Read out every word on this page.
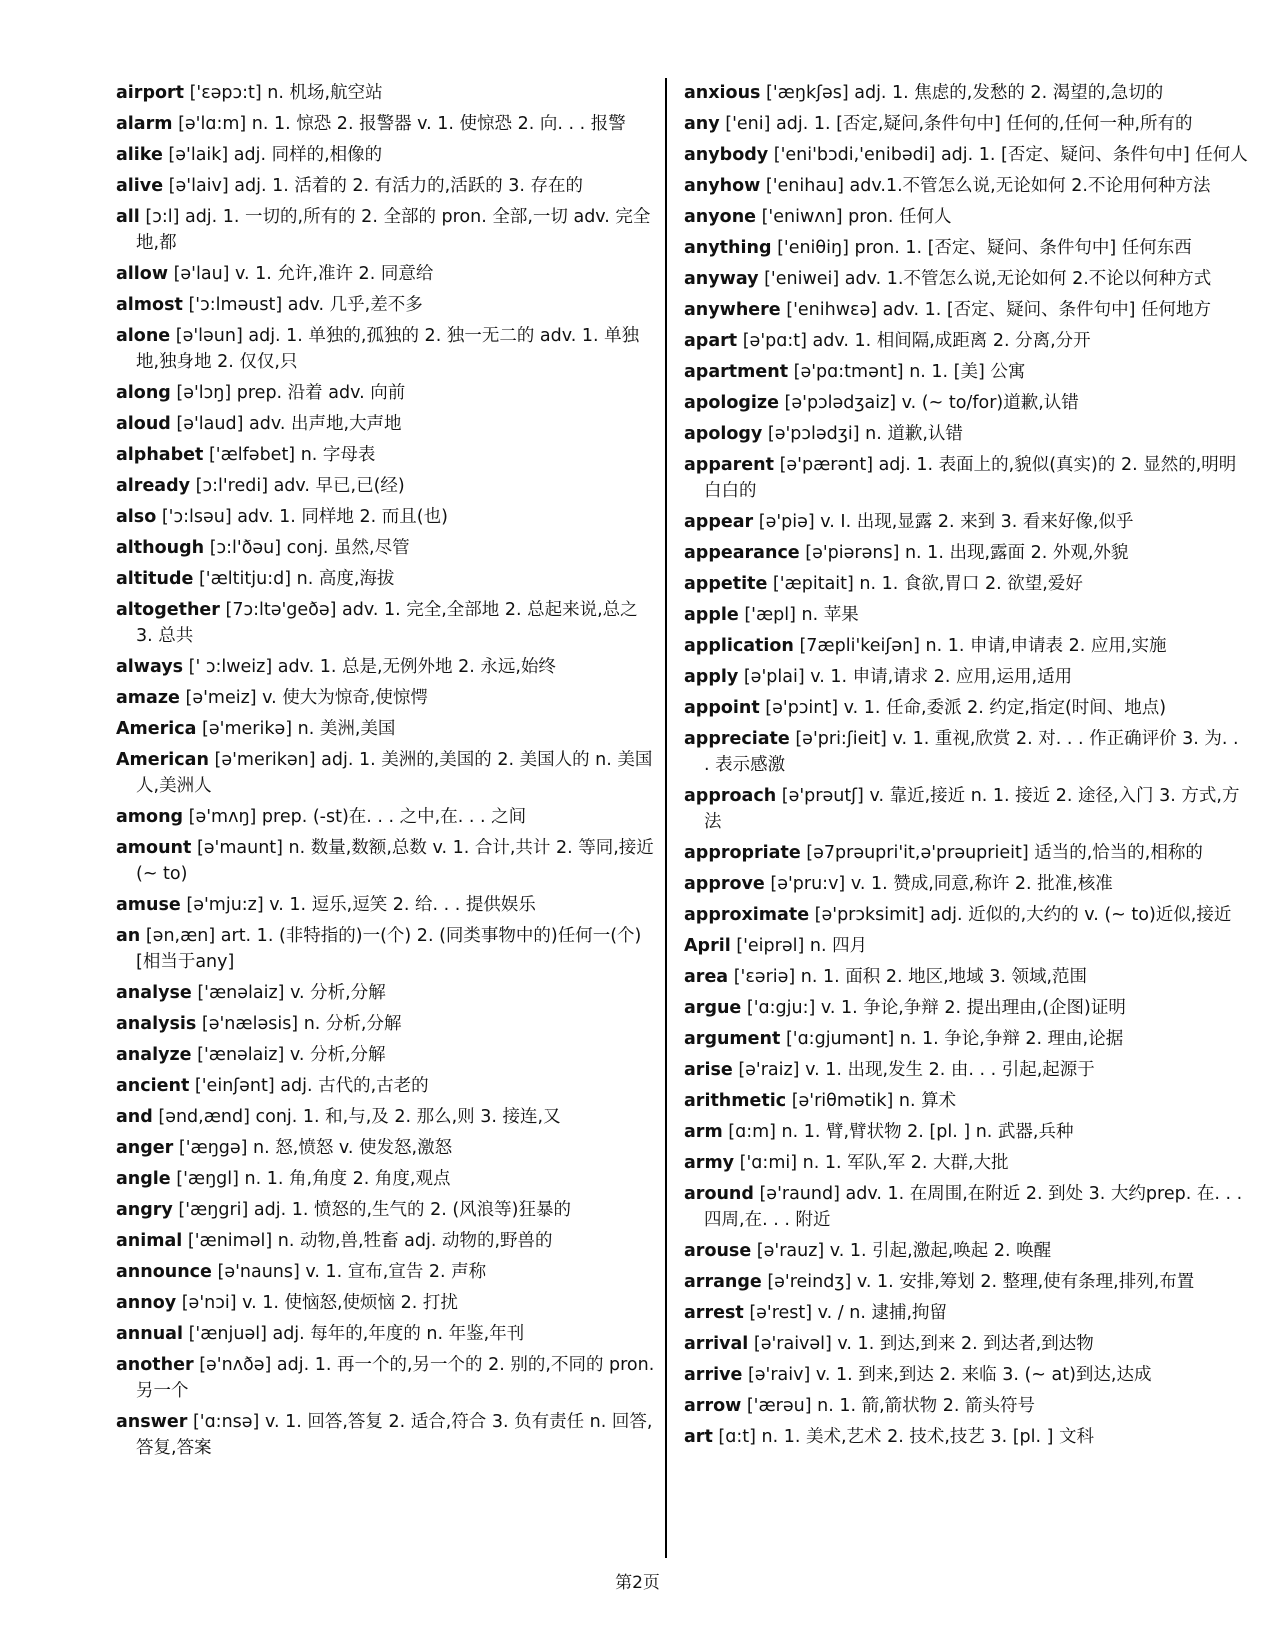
airport ['εəpɔ:t] n. 机场,航空站
alarm [ə'lɑ:m] n. 1. 惊恐 2. 报警器 v. 1. 使惊恐 2. 向. . . 报警
alike [ə'laik] adj. 同样的,相像的
alive [ə'laiv] adj. 1. 活着的 2. 有活力的,活跃的 3. 存在的
all [ɔ:l] adj. 1. 一切的,所有的 2. 全部的 pron. 全部,一切 adv. 完全地,都
allow [ə'lau] v. 1. 允许,准许 2. 同意给
almost ['ɔ:lməust] adv. 几乎,差不多
alone [ə'ləun] adj. 1. 单独的,孤独的 2. 独一无二的 adv. 1. 单独地,独身地 2. 仅仅,只
along [ə'lɔŋ] prep. 沿着 adv. 向前
aloud [ə'laud] adv. 出声地,大声地
alphabet ['ælfəbet] n. 字母表
already [ɔ:l'redi] adv. 早已,已(经)
also ['ɔ:lsəu] adv. 1. 同样地 2. 而且(也)
although [ɔ:l'ðəu] conj. 虽然,尽管
altitude ['æltitju:d] n. 高度,海拔
altogether [7ɔ:ltə'geðə] adv. 1. 完全,全部地 2. 总起来说,总之 3. 总共
always [' ɔ:lweiz] adv. 1. 总是,无例外地 2. 永远,始终
amaze [ə'meiz] v. 使大为惊奇,使惊愕
America [ə'merikə] n. 美洲,美国
American [ə'merikən] adj. 1. 美洲的,美国的 2. 美国人的 n. 美国人,美洲人
among [ə'mʌŋ] prep. (-st)在. . . 之中,在. . . 之间
amount [ə'maunt] n. 数量,数额,总数 v. 1. 合计,共计 2. 等同,接近(~ to)
amuse [ə'mju:z] v. 1. 逗乐,逗笑 2. 给. . . 提供娱乐
an [ən,æn] art. 1. (非特指的)一(个) 2. (同类事物中的)任何一(个) [相当于any]
analyse ['ænəlaiz] v. 分析,分解
analysis [ə'næləsis] n. 分析,分解
analyze ['ænəlaiz] v. 分析,分解
ancient ['einʃənt] adj. 古代的,古老的
and [ənd,ænd] conj. 1. 和,与,及 2. 那么,则 3. 接连,又
anger ['æŋgə] n. 怒,愤怒 v. 使发怒,激怒
angle ['æŋgl] n. 1. 角,角度 2. 角度,观点
angry ['æŋgri] adj. 1. 愤怒的,生气的 2. (风浪等)狂暴的
animal ['æniməl] n. 动物,兽,牲畜 adj. 动物的,野兽的
announce [ə'nauns] v. 1. 宣布,宣告 2. 声称
annoy [ə'nɔi] v. 1. 使恼怒,使烦恼 2. 打扰
annual ['ænjuəl] adj. 每年的,年度的 n. 年鉴,年刊
another [ə'nʌðə] adj. 1. 再一个的,另一个的 2. 别的,不同的 pron. 另一个
answer ['ɑ:nsə] v. 1. 回答,答复 2. 适合,符合 3. 负有责任 n. 回答,答复,答案
anxious ['æŋkʃəs] adj. 1. 焦虑的,发愁的 2. 渴望的,急切的
any ['eni] adj. 1. [否定,疑问,条件句中] 任何的,任何一种,所有的
anybody ['eni'bɔdi,'enibədi] adj. 1. [否定、疑问、条件句中] 任何人
anyhow ['enihau] adv.1.不管怎么说,无论如何 2.不论用何种方法
anyone ['eniwʌn] pron. 任何人
anything ['eniθiŋ] pron. 1. [否定、疑问、条件句中] 任何东西
anyway ['eniwei] adv. 1.不管怎么说,无论如何 2.不论以何种方式
anywhere ['enihwεə] adv. 1. [否定、疑问、条件句中] 任何地方
apart [ə'pɑ:t] adv. 1. 相间隔,成距离 2. 分离,分开
apartment [ə'pɑ:tmənt] n. 1. [美] 公寓
apologize [ə'pɔlədʒaiz] v. (~ to/for)道歉,认错
apology [ə'pɔlədʒi] n. 道歉,认错
apparent [ə'pærənt] adj. 1. 表面上的,貌似(真实)的 2. 显然的,明明白白的
appear [ə'piə] v. I. 出现,显露 2. 来到 3. 看来好像,似乎
appearance [ə'piərəns] n. 1. 出现,露面 2. 外观,外貌
appetite ['æpitait] n. 1. 食欲,胃口 2. 欲望,爱好
apple ['æpl] n. 苹果
application [7æpli'keiʃən] n. 1. 申请,申请表 2. 应用,实施
apply [ə'plai] v. 1. 申请,请求 2. 应用,运用,适用
appoint [ə'pɔint] v. 1. 任命,委派 2. 约定,指定(时间、地点)
appreciate [ə'pri:ʃieit] v. 1. 重视,欣赏 2. 对. . . 作正确评价 3. 为. . . 表示感激
approach [ə'prəutʃ] v. 靠近,接近 n. 1. 接近 2. 途径,入门 3. 方式,方法
appropriate [ə7prəupri'it,ə'prəuprieit] 适当的,恰当的,相称的
approve [ə'pru:v] v. 1. 赞成,同意,称许 2. 批准,核准
approximate [ə'prɔksimit] adj. 近似的,大约的 v. (~ to)近似,接近
April ['eiprəl] n. 四月
area ['εəriə] n. 1. 面积 2. 地区,地域 3. 领域,范围
argue ['ɑ:gju:] v. 1. 争论,争辩 2. 提出理由,(企图)证明
argument ['ɑ:gjumənt] n. 1. 争论,争辩 2. 理由,论据
arise [ə'raiz] v. 1. 出现,发生 2. 由. . . 引起,起源于
arithmetic [ə'riθmətik] n. 算术
arm [ɑ:m] n. 1. 臂,臂状物 2. [pl. ] n. 武器,兵种
army ['ɑ:mi] n. 1. 军队,军 2. 大群,大批
around [ə'raund] adv. 1. 在周围,在附近 2. 到处 3. 大约prep. 在. . . 四周,在. . . 附近
arouse [ə'rauz] v. 1. 引起,激起,唤起 2. 唤醒
arrange [ə'reindʒ] v. 1. 安排,筹划 2. 整理,使有条理,排列,布置
arrest [ə'rest] v. / n. 逮捕,拘留
arrival [ə'raivəl] v. 1. 到达,到来 2. 到达者,到达物
arrive [ə'raiv] v. 1. 到来,到达 2. 来临 3. (~ at)到达,达成
arrow ['ærəu] n. 1. 箭,箭状物 2. 箭头符号
art [ɑ:t] n. 1. 美术,艺术 2. 技术,技艺 3. [pl. ] 文科
第2页
